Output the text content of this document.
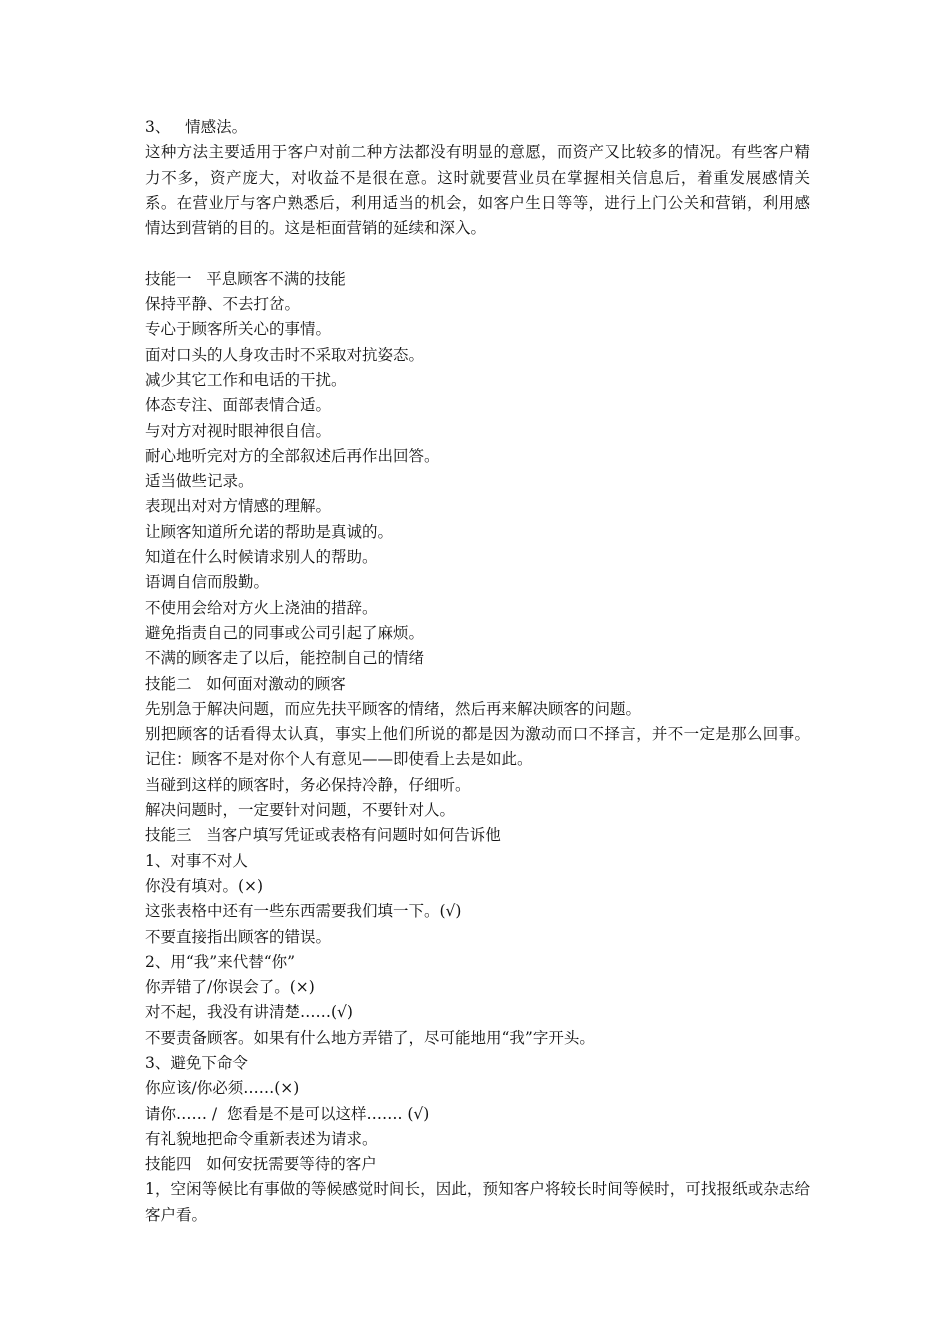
3、   情感法。

这种方法主要适用于客户对前二种方法都没有明显的意愿，而资产又比较多的情况。有些客户精力不多，资产庞大，对收益不是很在意。这时就要营业员在掌握相关信息后，着重发展感情关系。在营业厅与客户熟悉后，利用适当的机会，如客户生日等等，进行上门公关和营销，利用感情达到营销的目的。这是柜面营销的延续和深入。

技能一   平息顾客不满的技能
保持平静、不去打岔。
专心于顾客所关心的事情。
面对口头的人身攻击时不采取对抗姿态。
减少其它工作和电话的干扰。
体态专注、面部表情合适。
与对方对视时眼神很自信。
耐心地听完对方的全部叙述后再作出回答。
适当做些记录。
表现出对对方情感的理解。
让顾客知道所允诺的帮助是真诚的。
知道在什么时候请求别人的帮助。
语调自信而殷勤。
不使用会给对方火上浇油的措辞。
避免指责自己的同事或公司引起了麻烦。
不满的顾客走了以后，能控制自己的情绪
技能二   如何面对激动的顾客
先别急于解决问题，而应先扶平顾客的情绪，然后再来解决顾客的问题。

别把顾客的话看得太认真，事实上他们所说的都是因为激动而口不择言，并不一定是那么回事。记住：顾客不是对你个人有意见——即使看上去是如此。

当碰到这样的顾客时，务必保持冷静，仔细听。
解决问题时，一定要针对问题，不要针对人。
技能三   当客户填写凭证或表格有问题时如何告诉他
1、对事不对人
你没有填对。(×)
这张表格中还有一些东西需要我们填一下。(√)
不要直接指出顾客的错误。
2、用“我”来代替“你”
你弄错了/你误会了。(×)
对不起，我没有讲清楚……(√)
不要责备顾客。如果有什么地方弄错了，尽可能地用“我”字开头。
3、避免下命令
你应该/你必须……(×)
请你…… /  您看是不是可以这样……. (√)
有礼貌地把命令重新表述为请求。
技能四   如何安抚需要等待的客户

1，空闲等候比有事做的等候感觉时间长，因此，预知客户将较长时间等候时，可找报纸或杂志给客户看。
